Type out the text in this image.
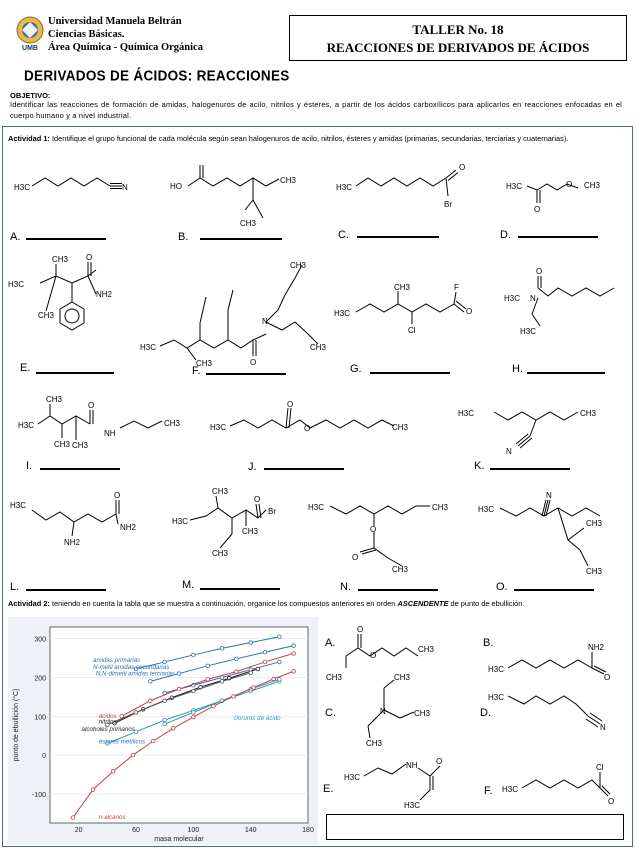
UMB
Universidad Manuela Beltrán
Ciencias Básicas.
Área Química - Química Orgánica
TALLER No. 18
REACCIONES DE DERIVADOS DE ÁCIDOS
DERIVADOS DE ÁCIDOS: REACCIONES
OBJETIVO:
Identificar las reacciones de formación de amidas, halogenuros de acilo, nitrilos y ésteres, a partir de los ácidos carboxílicos para aplicarlos en reacciones enfocadas en el cuerpo humano y a nivel industrial.
Actividad 1: Identifique el grupo funcional de cada molécula según sean halogenuros de acilo, nitrilos, ésteres y amidas (primarias, secundarias, terciarias y cuaternarias).
H3C	N	HO
CH3
CH3
H3C
O
Br
H3C	O CH3
O
H3C
CH3
CH3
O
NH2
H3C
CH3
N
O
CH3
CH3
H3C
CH3
Cl
F
O
O
N
H3C
H3C
H3C
CH3
CH3 CH3
O
NH
CH3	H3C
O
O	CH3
H3C	CH3
N
H3C
NH2
O
NH2
H3C
CH3
CH3
CH3
O
Br	H3C	CH3
O
O
CH3
H3C
N
CH3
CH3
A.	B.	C.	D.
E.	F.	G.	H.
I.	J.	K.
L.	M.	N.	O.
Actividad 2: teniendo en cuenta la tabla que se muestra a continuación, organice los compuestos anteriores en orden ASCENDENTE de punto de ebullición.
-100
0
100
200
300
20	60	100	140	180
masa molecular
punto de ebullición (°C)
amidas primarias
N-metil amidas secundarias
N,N-dimetil amidas terciarias
ácidos
nitrilos
alcoholes primarios
ésteres metílicos
cloruros de ácido
n-alcanos
CH3
O
O
CH3
H3C
NH2
O
N
CH3
CH3
CH3
H3C
N
H3C
NH O
H3C
H3C
Cl
O
A.	B.
C.	D.
E.	F.
